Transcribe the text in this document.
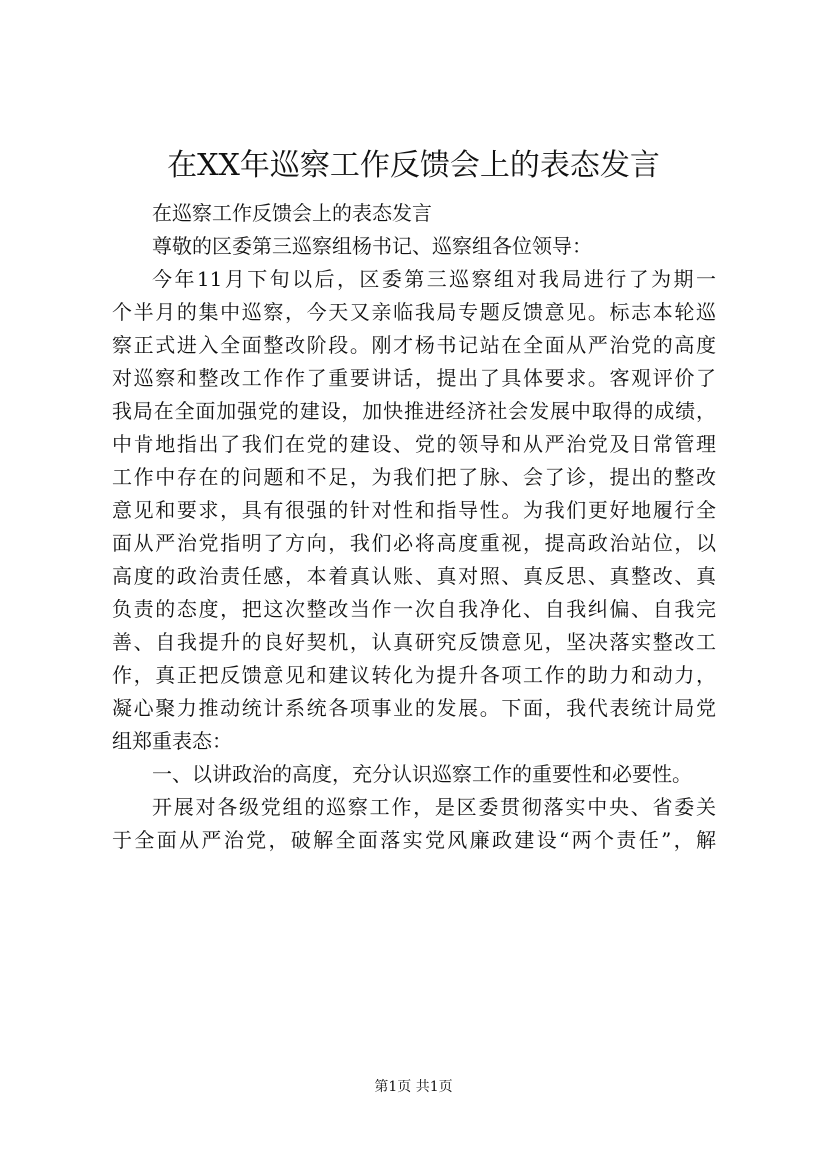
在XX年巡察工作反馈会上的表态发言
在巡察工作反馈会上的表态发言
尊敬的区委第三巡察组杨书记、巡察组各位领导：
今年11月下旬以后，区委第三巡察组对我局进行了为期一
个半月的集中巡察，今天又亲临我局专题反馈意见。标志本轮巡
察正式进入全面整改阶段。刚才杨书记站在全面从严治党的高度
对巡察和整改工作作了重要讲话，提出了具体要求。客观评价了
我局在全面加强党的建设，加快推进经济社会发展中取得的成绩，
中肯地指出了我们在党的建设、党的领导和从严治党及日常管理
工作中存在的问题和不足，为我们把了脉、会了诊，提出的整改
意见和要求，具有很强的针对性和指导性。为我们更好地履行全
面从严治党指明了方向，我们必将高度重视，提高政治站位，以
高度的政治责任感，本着真认账、真对照、真反思、真整改、真
负责的态度，把这次整改当作一次自我净化、自我纠偏、自我完
善、自我提升的良好契机，认真研究反馈意见，坚决落实整改工
作，真正把反馈意见和建议转化为提升各项工作的助力和动力，
凝心聚力推动统计系统各项事业的发展。下面，我代表统计局党
组郑重表态：
一、以讲政治的高度，充分认识巡察工作的重要性和必要性。
开展对各级党组的巡察工作，是区委贯彻落实中央、省委关
于全面从严治党，破解全面落实党风廉政建设“两个责任”，解
第1页 共1页
